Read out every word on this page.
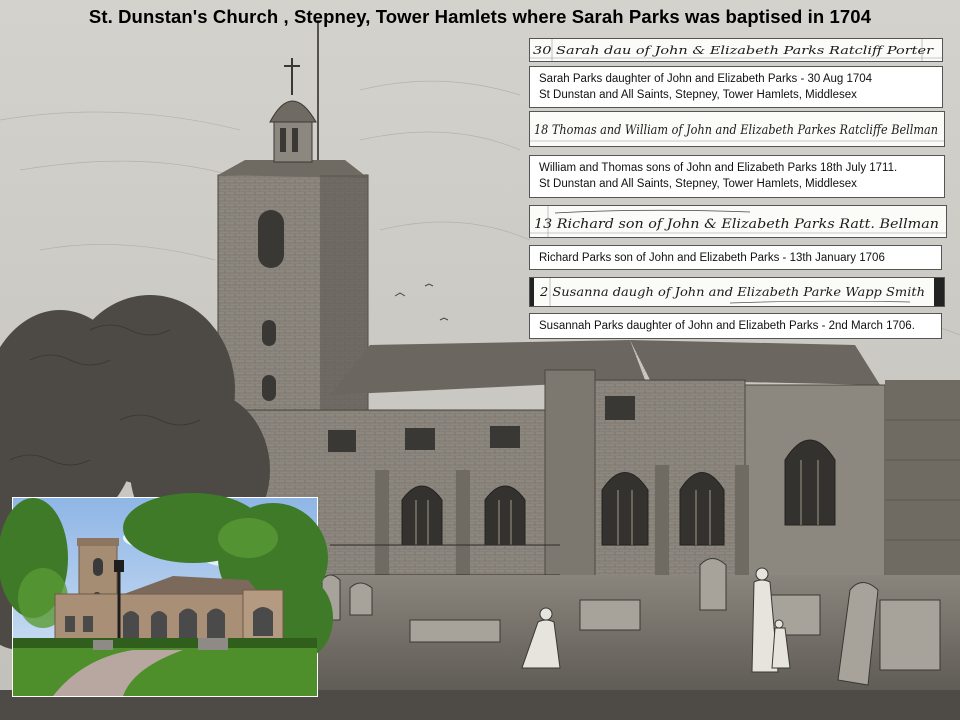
St. Dunstan's Church , Stepney, Tower Hamlets where Sarah Parks was baptised in 1704
30 Sarah dau of John & Elizabeth Parks Ratcliff Porter
Sarah Parks daughter of John and Elizabeth Parks - 30 Aug 1704
St Dunstan and All Saints, Stepney, Tower Hamlets, Middlesex
18 Thomas and William of John and Elizabeth Parkes Ratcliffe Bellman
William and Thomas sons of John and Elizabeth Parks 18th July 1711.
St Dunstan and All Saints, Stepney, Tower Hamlets, Middlesex
13 Richard son of John & Elizabeth Parks Ratt. Bellman
Richard Parks son of John and Elizabeth Parks - 13th January 1706
2 Susanna daugh of John and Elizabeth Parke Wapp Smith
Susannah Parks daughter of John and Elizabeth Parks - 2nd March 1706.
